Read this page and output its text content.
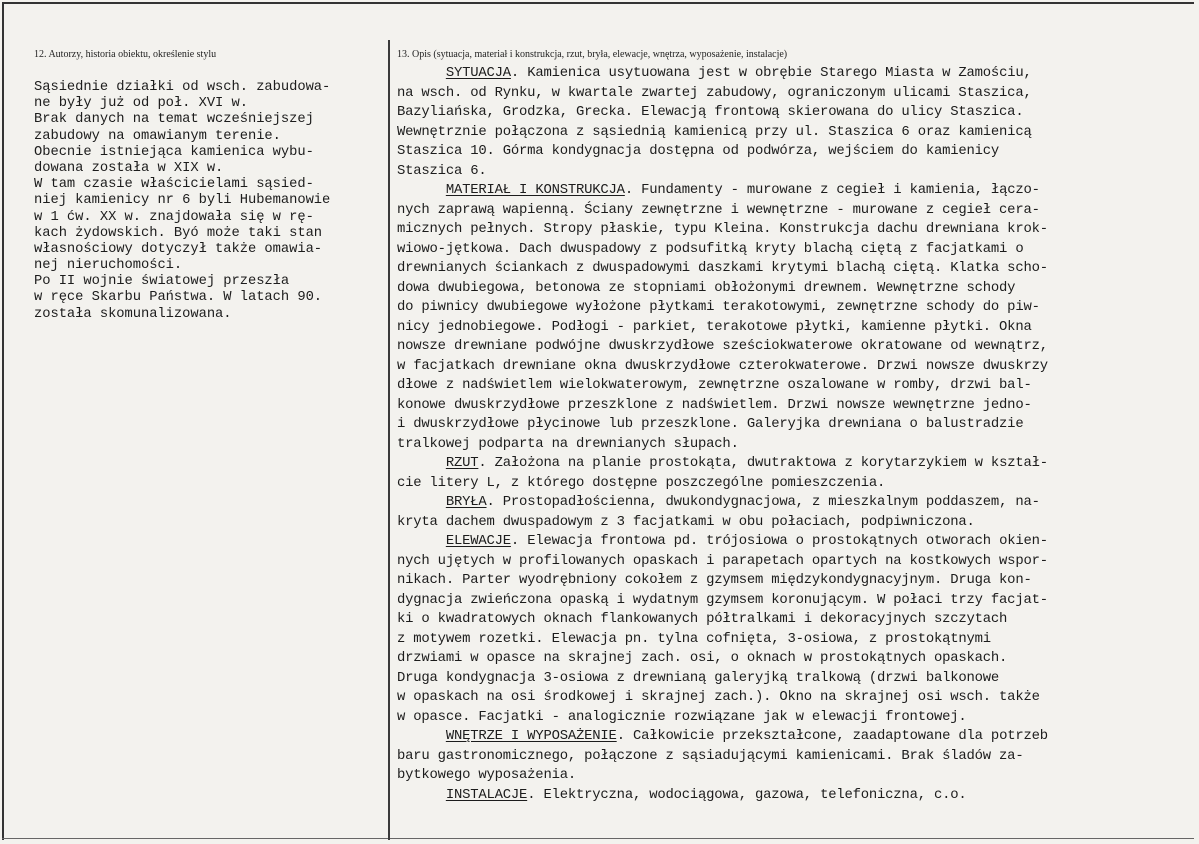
12. Autorzy, historia obiektu, określenie stylu	13. Opis (sytuacja, materiał i konstrukcja, rzut, bryła, elewacje, wnętrza, wyposażenie, instalacje)
Sąsiednie działki od wsch. zabudowa-
ne były już od poł. XVI w.
Brak danych na temat wcześniejszej
zabudowy na omawianym terenie.
Obecnie istniejąca kamienica wybu-
dowana została w XIX w.
W tam czasie właścicielami sąsied-
niej kamienicy nr 6 byli Hubemanowie
w 1 ćw. XX w. znajdowała się w rę-
kach żydowskich. Byó może taki stan
własnościowy dotyczył także omawia-
nej nieruchomości.
Po II wojnie światowej przeszła
w ręce Skarbu Państwa. W latach 90.
została skomunalizowana.
SYTUACJA. Kamienica usytuowana jest w obrębie Starego Miasta w Zamościu,
na wsch. od Rynku, w kwartale zwartej zabudowy, ograniczonym ulicami Staszica,
Bazyliańska, Grodzka, Grecka. Elewacją frontową skierowana do ulicy Staszica.
Wewnętrznie połączona z sąsiednią kamienicą przy ul. Staszica 6 oraz kamienicą
Staszica 10. Górma kondygnacja dostępna od podwórza, wejściem do kamienicy
Staszica 6.
MATERIAŁ I KONSTRUKCJA. Fundamenty - murowane z cegieł i kamienia, łączo-
nych zaprawą wapienną. Ściany zewnętrzne i wewnętrzne - murowane z cegieł cera-
micznych pełnych. Stropy płaskie, typu Kleina. Konstrukcja dachu drewniana krok-
wiowo-jętkowa. Dach dwuspadowy z podsufitką kryty blachą ciętą z facjatkami o
drewnianych ściankach z dwuspadowymi daszkami krytymi blachą ciętą. Klatka scho-
dowa dwubiegowa, betonowa ze stopniami obłożonymi drewnem. Wewnętrzne schody
do piwnicy dwubiegowe wyłożone płytkami terakotowymi, zewnętrzne schody do piw-
nicy jednobiegowe. Podłogi - parkiet, terakotowe płytki, kamienne płytki. Okna
nowsze drewniane podwójne dwuskrzydłowe sześciokwaterowe okratowane od wewnątrz,
w facjatkach drewniane okna dwuskrzydłowe czterokwaterowe. Drzwi nowsze dwuskrzy
dłowe z nadświetlem wielokwaterowym, zewnętrzne oszalowane w romby, drzwi bal-
konowe dwuskrzydłowe przeszklone z nadświetlem. Drzwi nowsze wewnętrzne jedno-
i dwuskrzydłowe płycinowe lub przeszklone. Galeryjka drewniana o balustradzie
tralkowej podparta na drewnianych słupach.
RZUT. Założona na planie prostokąta, dwutraktowa z korytarzykiem w kształ-
cie litery L, z którego dostępne poszczególne pomieszczenia.
BRYŁA. Prostopadłościenna, dwukondygnacjowa, z mieszkalnym poddaszem, na-
kryta dachem dwuspadowym z 3 facjatkami w obu połaciach, podpiwniczona.
ELEWACJE. Elewacja frontowa pd. trójosiowa o prostokątnych otworach okien-
nych ujętych w profilowanych opaskach i parapetach opartych na kostkowych wspor-
nikach. Parter wyodrębniony cokołem z gzymsem międzykondygnacyjnym. Druga kon-
dygnacja zwieńczona opaską i wydatnym gzymsem koronującym. W połaci trzy facjat-
ki o kwadratowych oknach flankowanych półtralkami i dekoracyjnych szczytach
z motywem rozetki. Elewacja pn. tylna cofnięta, 3-osiowa, z prostokątnymi
drzwiami w opasce na skrajnej zach. osi, o oknach w prostokątnych opaskach.
Druga kondygnacja 3-osiowa z drewnianą galeryjką tralkową (drzwi balkonowe
w opaskach na osi środkowej i skrajnej zach.). Okno na skrajnej osi wsch. także
w opasce. Facjatki - analogicznie rozwiązane jak w elewacji frontowej.
WNĘTRZE I WYPOSAŻENIE. Całkowicie przekształcone, zaadaptowane dla potrzeb
baru gastronomicznego, połączone z sąsiadującymi kamienicami. Brak śladów za-
bytkowego wyposażenia.
INSTALACJE. Elektryczna, wodociągowa, gazowa, telefoniczna, c.o.
